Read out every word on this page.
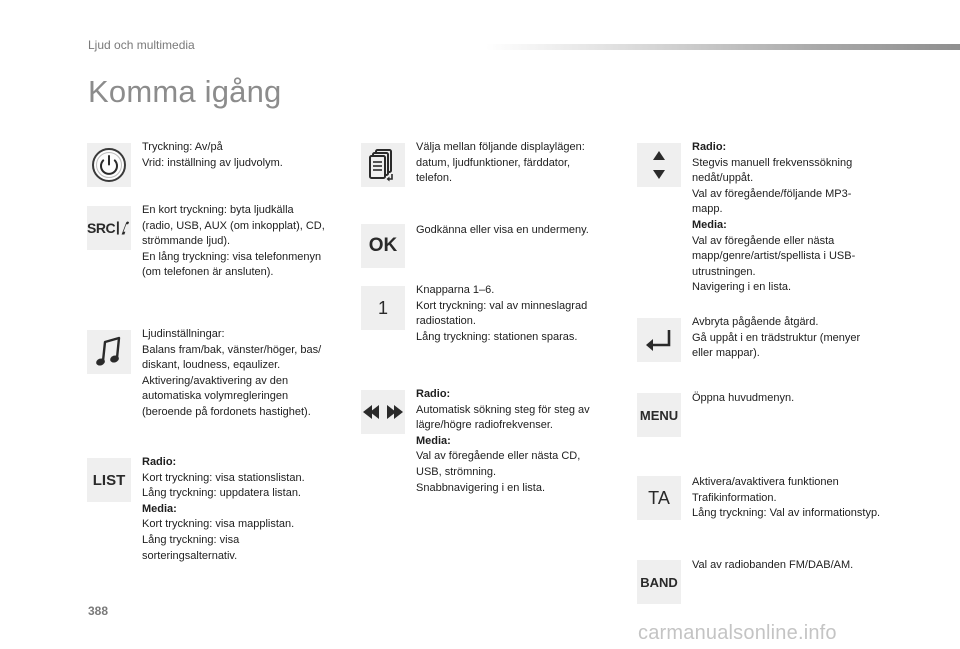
Ljud och multimedia
Komma igång
Tryckning: Av/på
Vrid: inställning av ljudvolym.
SRC
En kort tryckning: byta ljudkälla
(radio, USB, AUX (om inkopplat), CD,
strömmande ljud).
En lång tryckning: visa telefonmenyn
(om telefonen är ansluten).
Ljudinställningar:
Balans fram/bak, vänster/höger, bas/
diskant, loudness, eqaulizer.
Aktivering/avaktivering av den
automatiska volymregleringen
(beroende på fordonets hastighet).
LIST
Radio:
Kort tryckning: visa stationslistan.
Lång tryckning: uppdatera listan.
Media:
Kort tryckning: visa mapplistan.
Lång tryckning: visa
sorteringsalternativ.
Välja mellan följande displaylägen:
datum, ljudfunktioner, färddator,
telefon.
OK
Godkänna eller visa en undermeny.
1
Knapparna 1–6.
Kort tryckning: val av minneslagrad
radiostation.
Lång tryckning: stationen sparas.
Radio:
Automatisk sökning steg för steg av
lägre/högre radiofrekvenser.
Media:
Val av föregående eller nästa CD,
USB, strömning.
Snabbnavigering i en lista.
Radio:
Stegvis manuell frekvenssökning
nedåt/uppåt.
Val av föregående/följande MP3-
mapp.
Media:
Val av föregående eller nästa
mapp/genre/artist/spellista i USB-
utrustningen.
Navigering i en lista.
Avbryta pågående åtgärd.
Gå uppåt i en trädstruktur (menyer
eller mappar).
MENU
Öppna huvudmenyn.
TA
Aktivera/avaktivera funktionen
Trafikinformation.
Lång tryckning: Val av informationstyp.
BAND
Val av radiobanden FM/DAB/AM.
388
carmanualsonline.info
